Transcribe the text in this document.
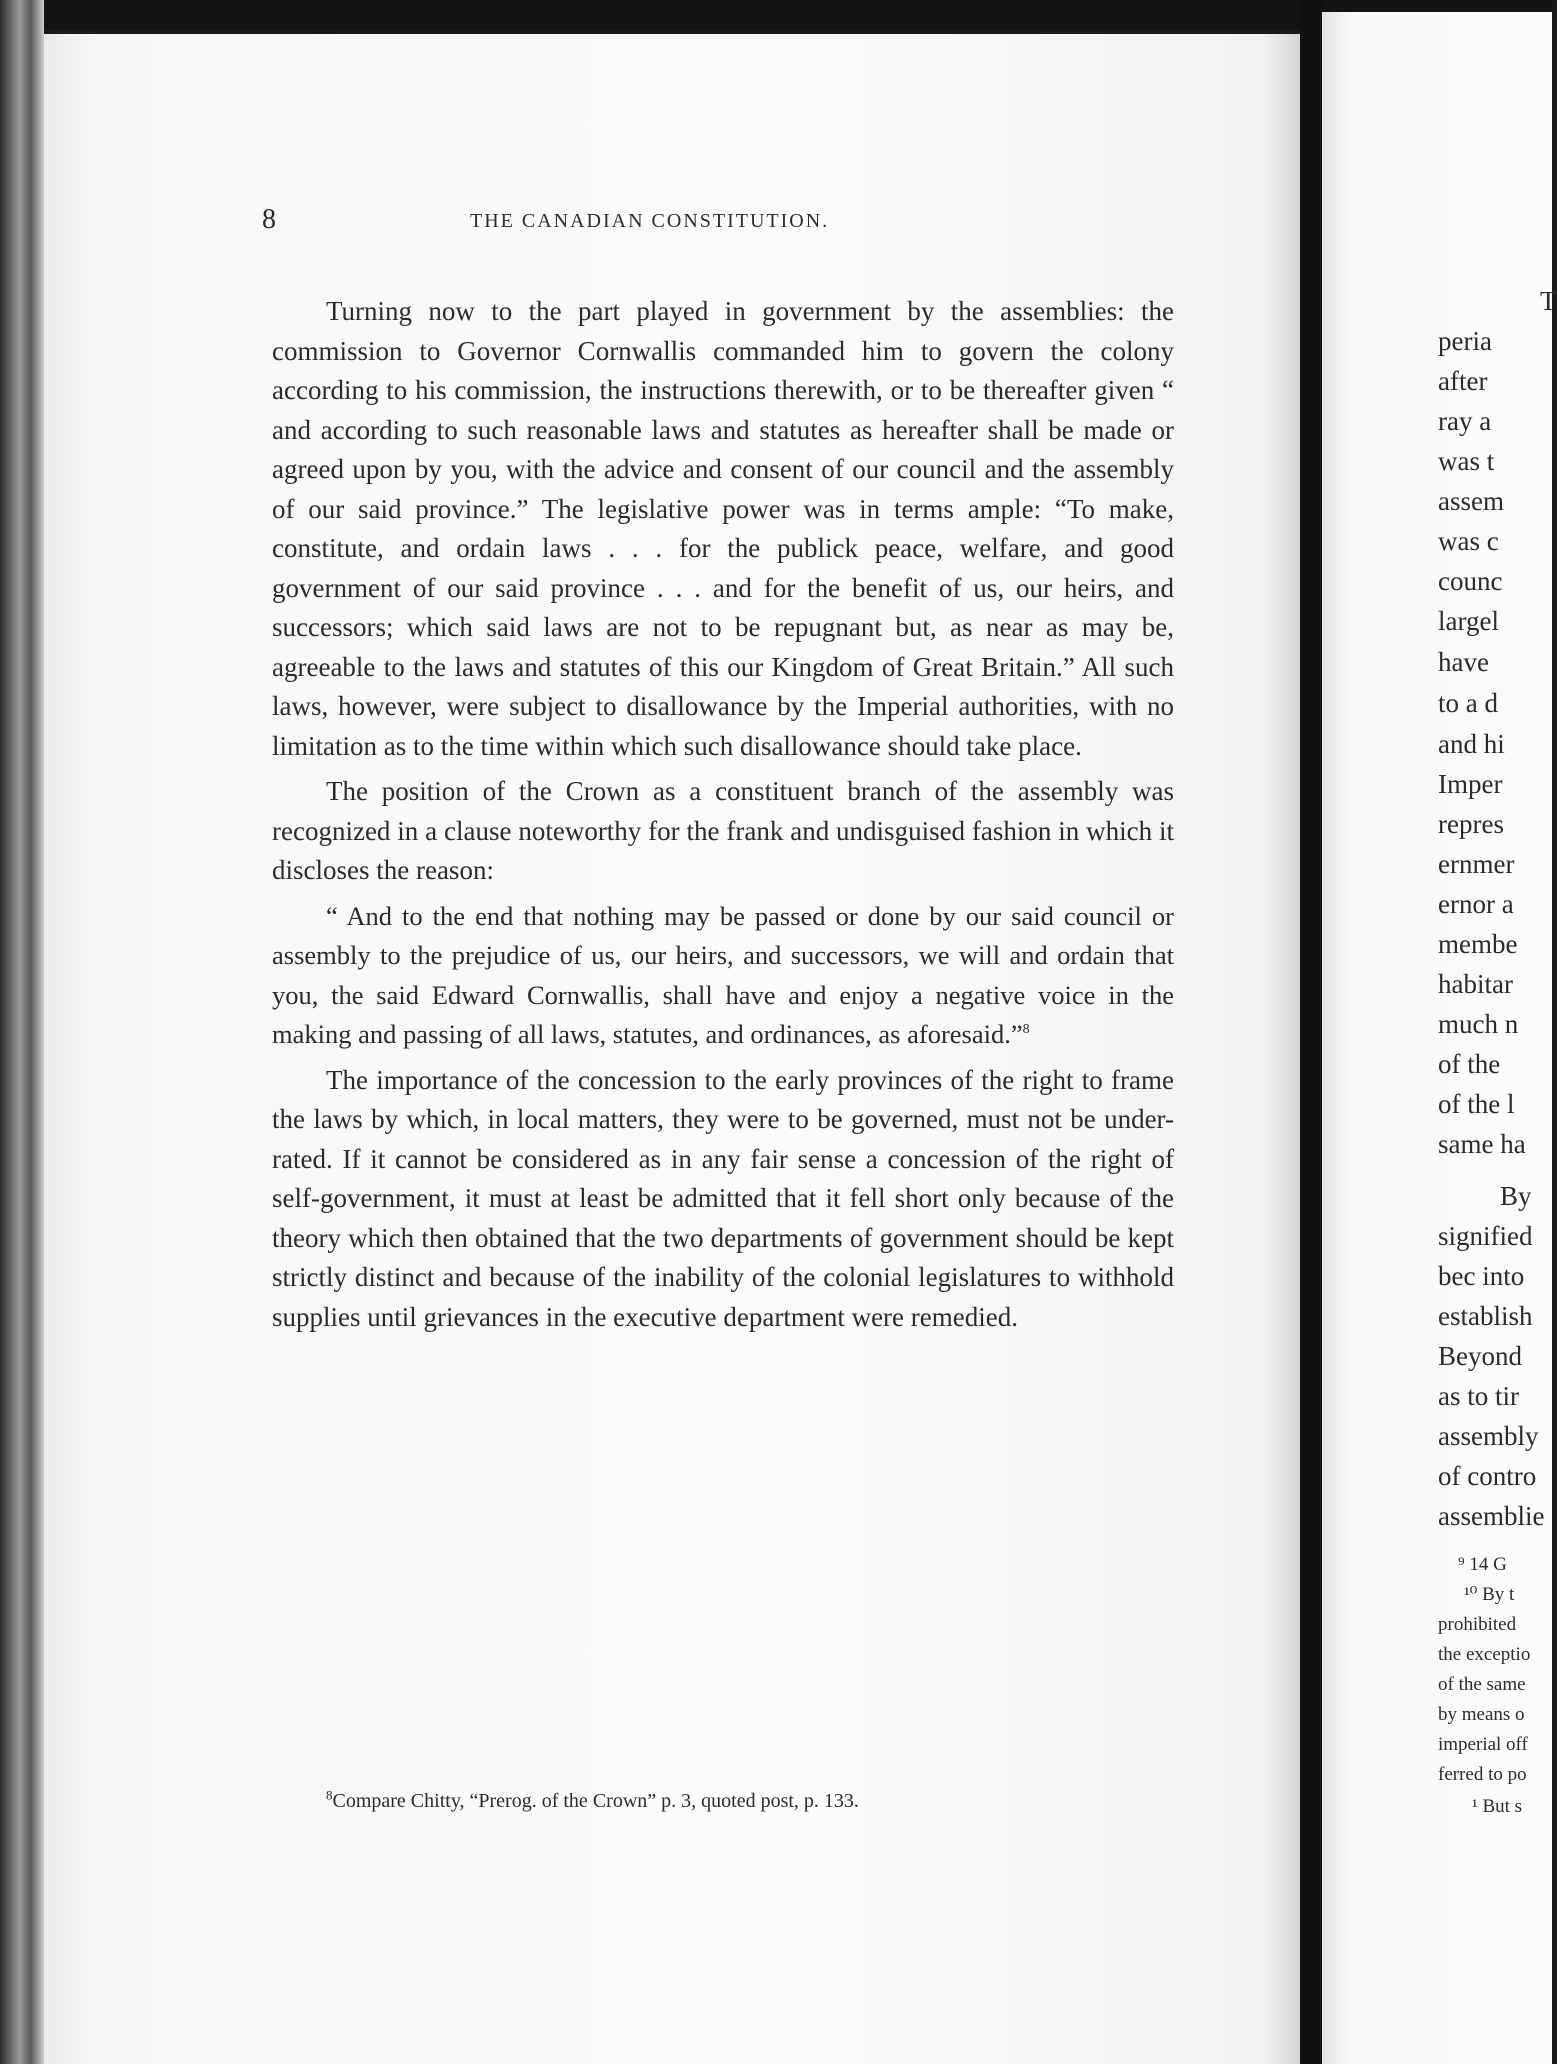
8	THE CANADIAN CONSTITUTION.

Turning now to the part played in government by the assemblies: the commission to Governor Cornwallis commanded him to govern the colony according to his commission, the instructions therewith, or to be thereafter given “ and according to such reasonable laws and statutes as hereafter shall be made or agreed upon by you, with the advice and consent of our council and the assembly of our said province.” The legislative power was in terms ample: “To make, constitute, and ordain laws . . . for the publick peace, welfare, and good government of our said province . . . and for the benefit of us, our heirs, and successors; which said laws are not to be repugnant but, as near as may be, agreeable to the laws and statutes of this our Kingdom of Great Britain.” All such laws, however, were subject to disallowance by the Imperial authorities, with no limitation as to the time within which such disallowance should take place.

The position of the Crown as a constituent branch of the assembly was recognized in a clause noteworthy for the frank and undisguised fashion in which it discloses the reason:

“ And to the end that nothing may be passed or done by our said council or assembly to the prejudice of us, our heirs, and successors, we will and ordain that you, the said Edward Cornwallis, shall have and enjoy a negative voice in the making and passing of all laws, statutes, and ordinances, as aforesaid.”$^8$

The importance of the concession to the early provinces of the right to frame the laws by which, in local matters, they were to be governed, must not be under-rated. If it cannot be considered as in any fair sense a concession of the right of self-government, it must at least be admitted that it fell short only because of the theory which then obtained that the two departments of government should be kept strictly distinct and because of the inability of the colonial legislatures to withhold supplies until grievances in the executive department were remedied.

$^8$Compare Chitty, “Prerog. of the Crown” p. 3, quoted post, p. 133.
T
peria
after
ray a
was t
assem
was c
counc
largel
have
to a d
and hi
Imper
repres
ernmer
ernor a
membe
habitar
much n
of the
of the l
same ha
By
signified
bec into
establish
Beyond
as to tir
assembly
of contro
assemblie
⁹ 14 G
¹⁰ By t
prohibited
the exceptio
of the same
by means o
imperial off
ferred to po
¹ But s
